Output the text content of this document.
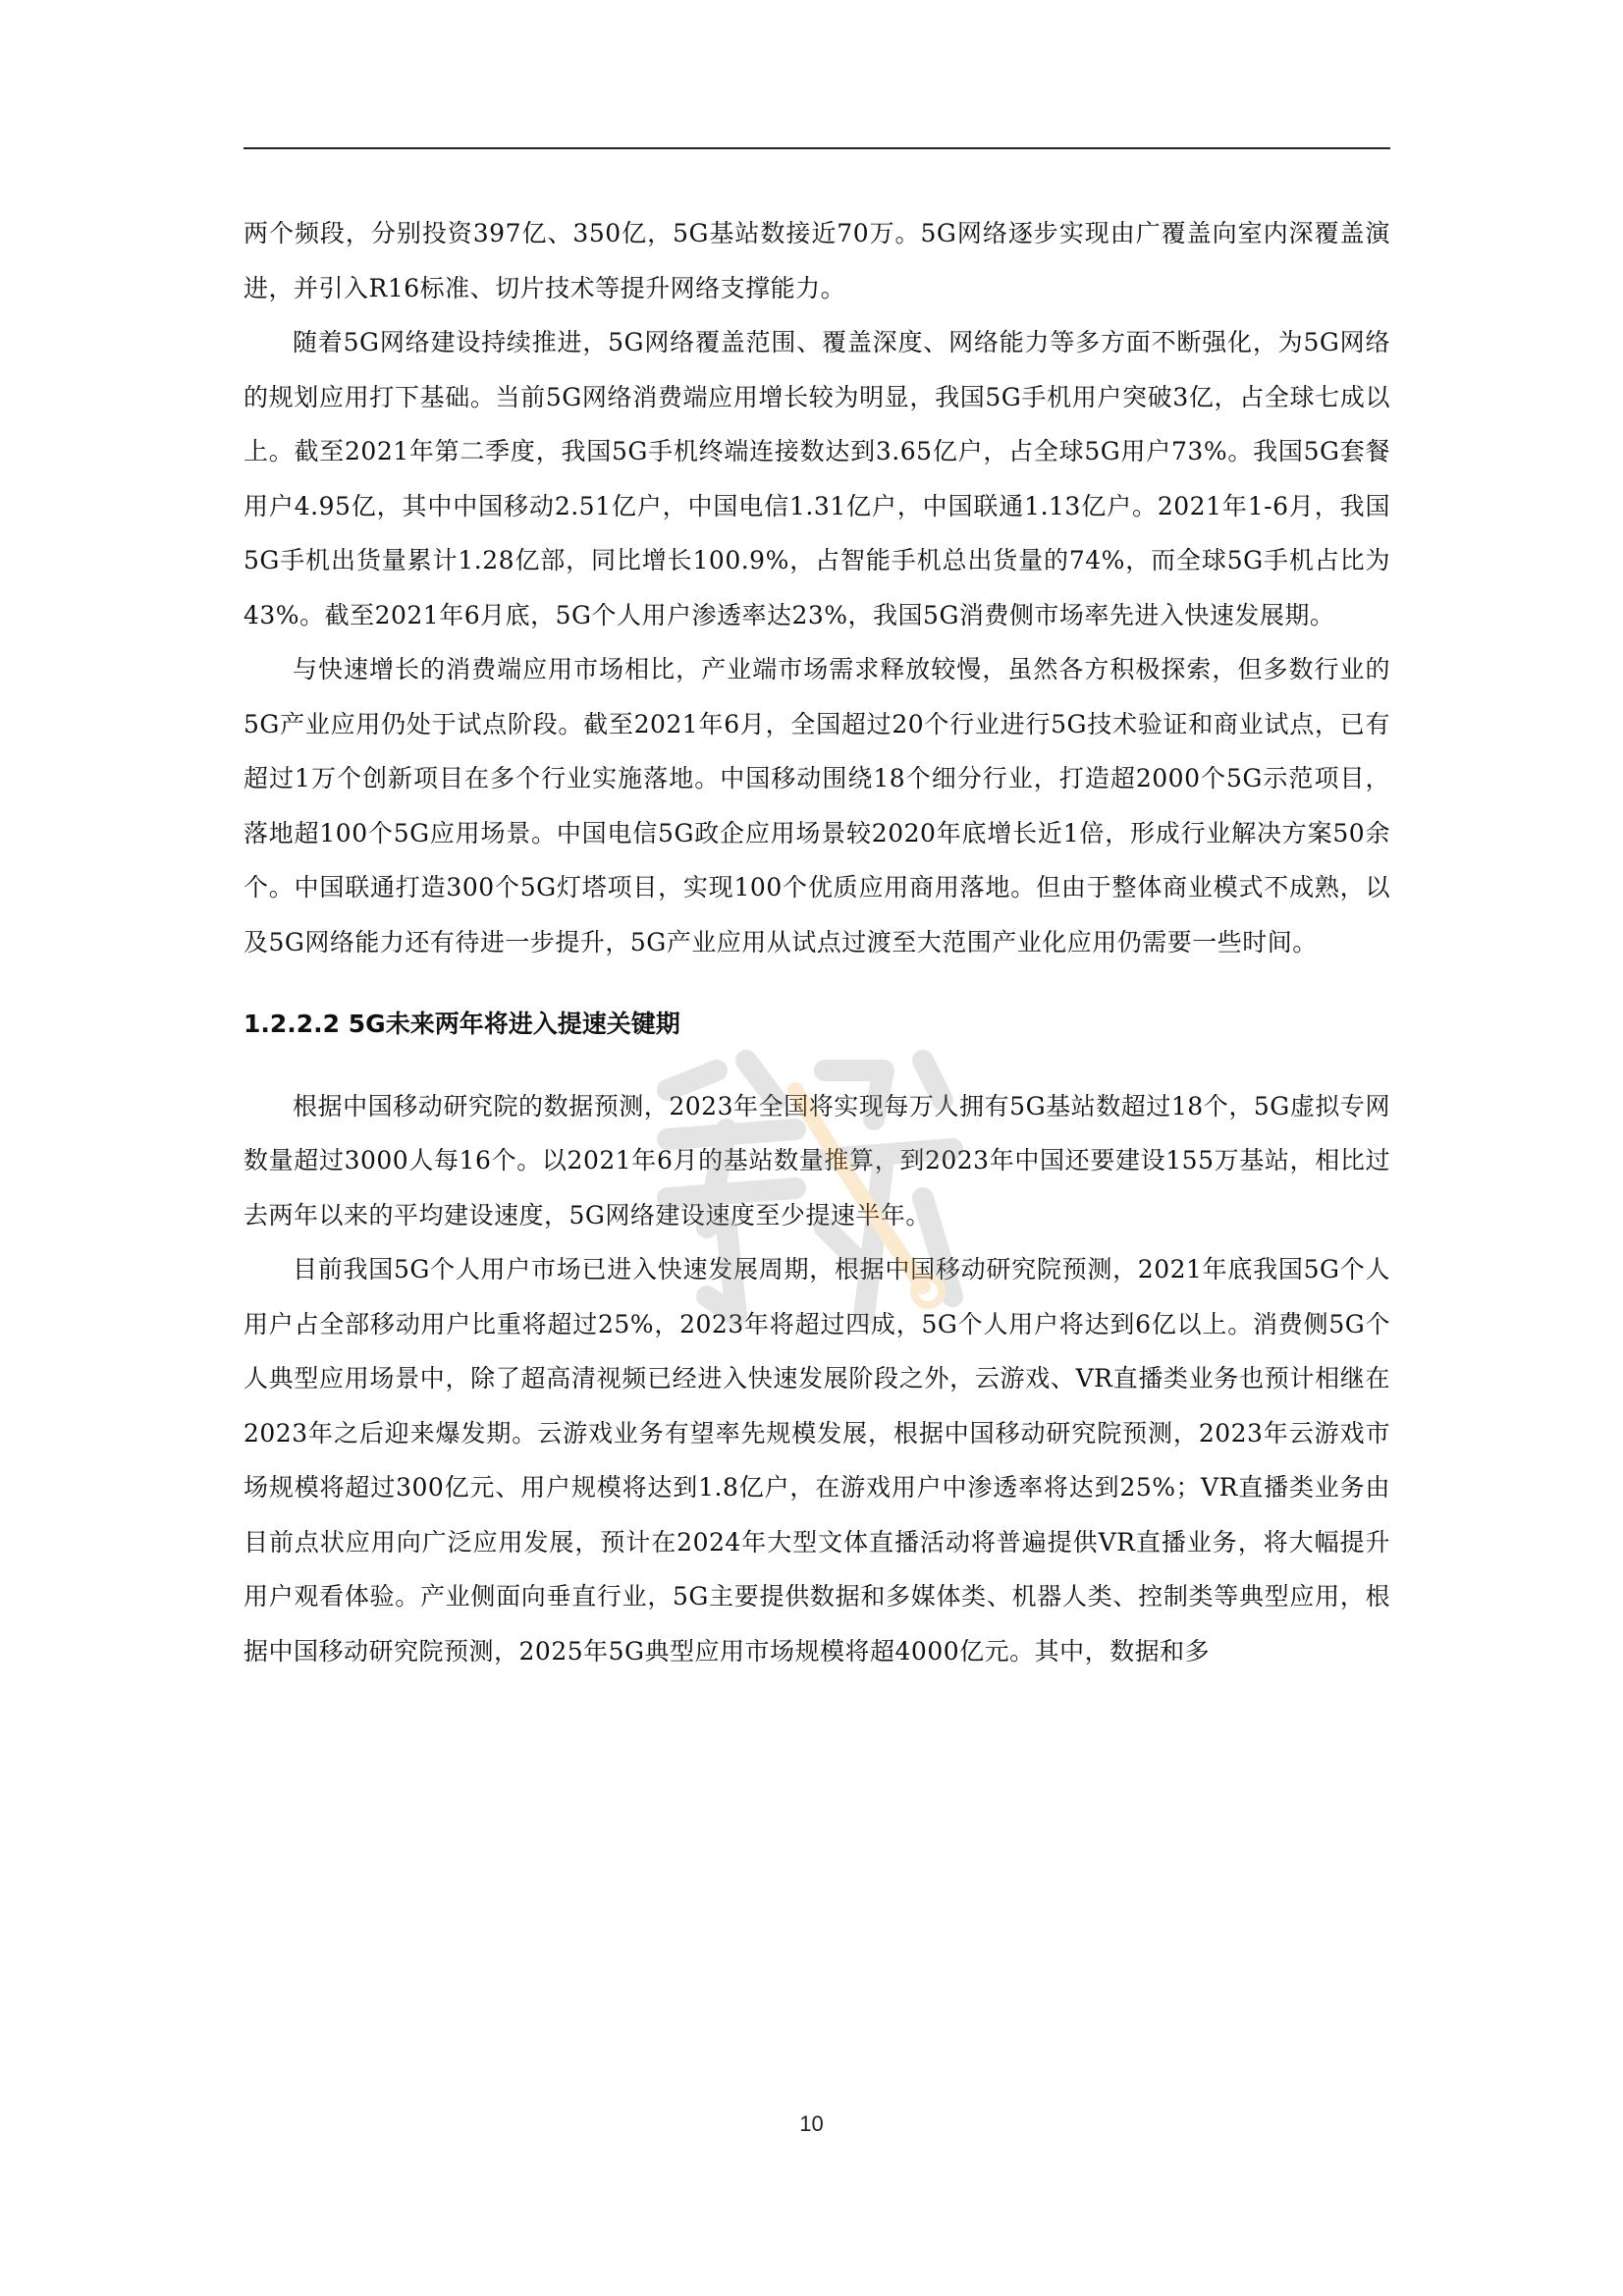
两个频段，分别投资397亿、350亿，5G基站数接近70万。5G网络逐步实现由广覆盖向室内深覆盖演进，并引入R16标准、切片技术等提升网络支撑能力。

随着5G网络建设持续推进，5G网络覆盖范围、覆盖深度、网络能力等多方面不断强化，为5G网络的规划应用打下基础。当前5G网络消费端应用增长较为明显，我国5G手机用户突破3亿，占全球七成以上。截至2021年第二季度，我国5G手机终端连接数达到3.65亿户，占全球5G用户73%。我国5G套餐用户4.95亿，其中中国移动2.51亿户，中国电信1.31亿户，中国联通1.13亿户。2021年1-6月，我国5G手机出货量累计1.28亿部，同比增长100.9%，占智能手机总出货量的74%，而全球5G手机占比为43%。截至2021年6月底，5G个人用户渗透率达23%，我国5G消费侧市场率先进入快速发展期。

与快速增长的消费端应用市场相比，产业端市场需求释放较慢，虽然各方积极探索，但多数行业的5G产业应用仍处于试点阶段。截至2021年6月，全国超过20个行业进行5G技术验证和商业试点，已有超过1万个创新项目在多个行业实施落地。中国移动围绕18个细分行业，打造超2000个5G示范项目，落地超100个5G应用场景。中国电信5G政企应用场景较2020年底增长近1倍，形成行业解决方案50余个。中国联通打造300个5G灯塔项目，实现100个优质应用商用落地。但由于整体商业模式不成熟，以及5G网络能力还有待进一步提升，5G产业应用从试点过渡至大范围产业化应用仍需要一些时间。

1.2.2.2 5G未来两年将进入提速关键期

根据中国移动研究院的数据预测，2023年全国将实现每万人拥有5G基站数超过18个，5G虚拟专网数量超过3000人每16个。以2021年6月的基站数量推算，到2023年中国还要建设155万基站，相比过去两年以来的平均建设速度，5G网络建设速度至少提速半年。

目前我国5G个人用户市场已进入快速发展周期，根据中国移动研究院预测，2021年底我国5G个人用户占全部移动用户比重将超过25%，2023年将超过四成，5G个人用户将达到6亿以上。消费侧5G个人典型应用场景中，除了超高清视频已经进入快速发展阶段之外，云游戏、VR直播类业务也预计相继在2023年之后迎来爆发期。云游戏业务有望率先规模发展，根据中国移动研究院预测，2023年云游戏市场规模将超过300亿元、用户规模将达到1.8亿户，在游戏用户中渗透率将达到25%；VR直播类业务由目前点状应用向广泛应用发展，预计在2024年大型文体直播活动将普遍提供VR直播业务，将大幅提升用户观看体验。产业侧面向垂直行业，5G主要提供数据和多媒体类、机器人类、控制类等典型应用，根据中国移动研究院预测，2025年5G典型应用市场规模将超4000亿元。其中，数据和多

10
